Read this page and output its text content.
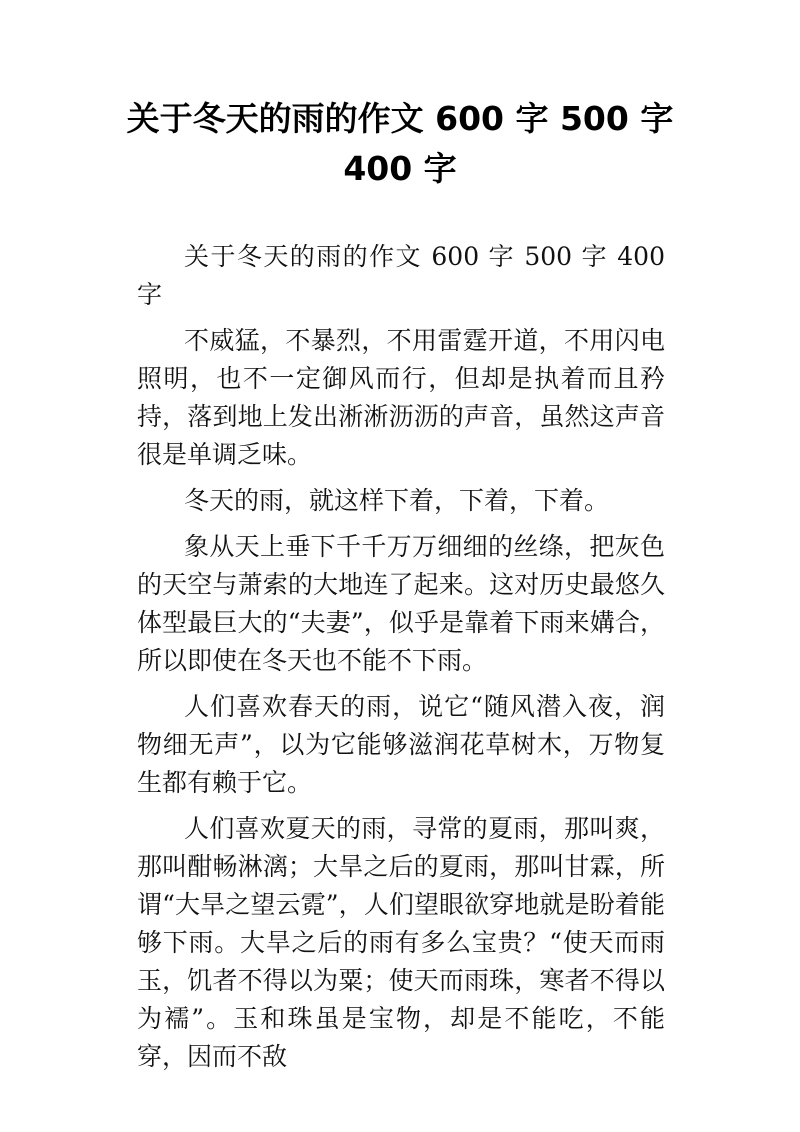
关于冬天的雨的作文 600 字 500 字
400 字

关于冬天的雨的作文 600 字 500 字 400 字

不威猛，不暴烈，不用雷霆开道，不用闪电照明，也不一定御风而行，但却是执着而且矜持，落到地上发出淅淅沥沥的声音，虽然这声音很是单调乏味。

冬天的雨，就这样下着，下着，下着。

象从天上垂下千千万万细细的丝绦，把灰色的天空与萧索的大地连了起来。这对历史最悠久体型最巨大的“夫妻”，似乎是靠着下雨来媾合，所以即使在冬天也不能不下雨。

人们喜欢春天的雨，说它“随风潜入夜，润物细无声”，以为它能够滋润花草树木，万物复生都有赖于它。

人们喜欢夏天的雨，寻常的夏雨，那叫爽，那叫酣畅淋漓；大旱之后的夏雨，那叫甘霖，所谓“大旱之望云霓”，人们望眼欲穿地就是盼着能够下雨。大旱之后的雨有多么宝贵？“使天而雨玉，饥者不得以为粟；使天而雨珠，寒者不得以为襦”。玉和珠虽是宝物，却是不能吃，不能穿，因而不敌
